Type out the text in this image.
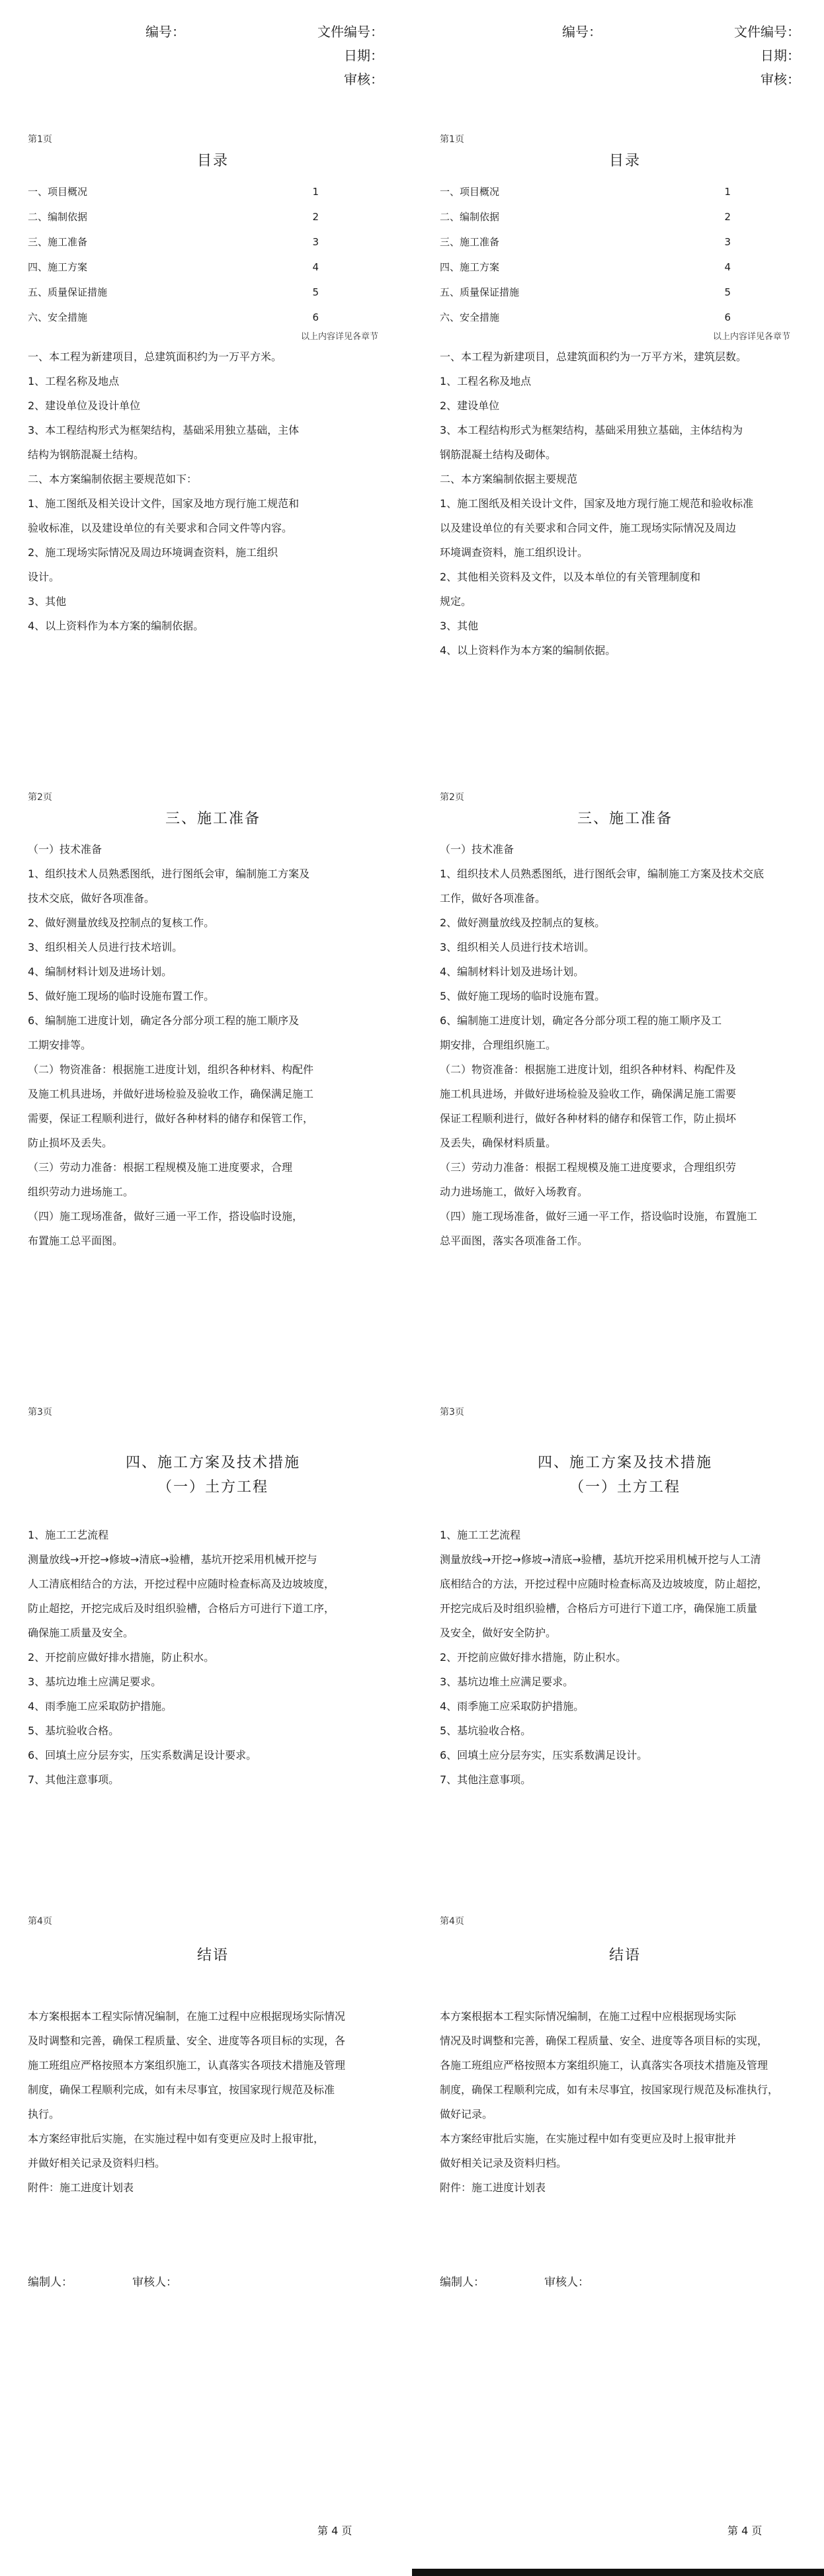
编号：	文件编号：
日期：
审核：
编号：	文件编号：
日期：
审核：
第1页
目录
一、项目概况	1
二、编制依据	2
三、施工准备	3
四、施工方案	4
五、质量保证措施	5
六、安全措施	6
以上内容详见各章节
一、本工程为新建项目，总建筑面积约为一万平方米。
1、工程名称及地点
2、建设单位及设计单位
3、本工程结构形式为框架结构，基础采用独立基础，主体
结构为钢筋混凝土结构。
二、本方案编制依据主要规范如下：
1、施工图纸及相关设计文件，国家及地方现行施工规范和
验收标准，以及建设单位的有关要求和合同文件等内容。
2、施工现场实际情况及周边环境调查资料，施工组织
设计。
3、其他
4、以上资料作为本方案的编制依据。
第1页
目录
一、项目概况	1
二、编制依据	2
三、施工准备	3
四、施工方案	4
五、质量保证措施	5
六、安全措施	6
以上内容详见各章节
一、本工程为新建项目，总建筑面积约为一万平方米，建筑层数。
1、工程名称及地点
2、建设单位
3、本工程结构形式为框架结构，基础采用独立基础，主体结构为
钢筋混凝土结构及砌体。
二、本方案编制依据主要规范
1、施工图纸及相关设计文件，国家及地方现行施工规范和验收标准
以及建设单位的有关要求和合同文件，施工现场实际情况及周边
环境调查资料，施工组织设计。
2、其他相关资料及文件，以及本单位的有关管理制度和
规定。
3、其他
4、以上资料作为本方案的编制依据。
第2页
三、施工准备
（一）技术准备
1、组织技术人员熟悉图纸，进行图纸会审，编制施工方案及
技术交底，做好各项准备。
2、做好测量放线及控制点的复核工作。
3、组织相关人员进行技术培训。
4、编制材料计划及进场计划。
5、做好施工现场的临时设施布置工作。
6、编制施工进度计划，确定各分部分项工程的施工顺序及
工期安排等。
（二）物资准备：根据施工进度计划，组织各种材料、构配件
及施工机具进场，并做好进场检验及验收工作，确保满足施工
需要，保证工程顺利进行，做好各种材料的储存和保管工作，
防止损坏及丢失。
（三）劳动力准备：根据工程规模及施工进度要求，合理
组织劳动力进场施工。
（四）施工现场准备，做好三通一平工作，搭设临时设施，
布置施工总平面图。
第2页
三、施工准备
（一）技术准备
1、组织技术人员熟悉图纸，进行图纸会审，编制施工方案及技术交底
工作，做好各项准备。
2、做好测量放线及控制点的复核。
3、组织相关人员进行技术培训。
4、编制材料计划及进场计划。
5、做好施工现场的临时设施布置。
6、编制施工进度计划，确定各分部分项工程的施工顺序及工
期安排，合理组织施工。
（二）物资准备：根据施工进度计划，组织各种材料、构配件及
施工机具进场，并做好进场检验及验收工作，确保满足施工需要
保证工程顺利进行，做好各种材料的储存和保管工作，防止损坏
及丢失，确保材料质量。
（三）劳动力准备：根据工程规模及施工进度要求，合理组织劳
动力进场施工，做好入场教育。
（四）施工现场准备，做好三通一平工作，搭设临时设施，布置施工
总平面图，落实各项准备工作。
第3页
四、施工方案及技术措施
（一）土方工程
1、施工工艺流程
测量放线→开挖→修坡→清底→验槽，基坑开挖采用机械开挖与
人工清底相结合的方法，开挖过程中应随时检查标高及边坡坡度，
防止超挖，开挖完成后及时组织验槽，合格后方可进行下道工序，
确保施工质量及安全。
2、开挖前应做好排水措施，防止积水。
3、基坑边堆土应满足要求。
4、雨季施工应采取防护措施。
5、基坑验收合格。
6、回填土应分层夯实，压实系数满足设计要求。
7、其他注意事项。
第3页
四、施工方案及技术措施
（一）土方工程
1、施工工艺流程
测量放线→开挖→修坡→清底→验槽，基坑开挖采用机械开挖与人工清
底相结合的方法，开挖过程中应随时检查标高及边坡坡度，防止超挖，
开挖完成后及时组织验槽，合格后方可进行下道工序，确保施工质量
及安全，做好安全防护。
2、开挖前应做好排水措施，防止积水。
3、基坑边堆土应满足要求。
4、雨季施工应采取防护措施。
5、基坑验收合格。
6、回填土应分层夯实，压实系数满足设计。
7、其他注意事项。
第4页
结语
本方案根据本工程实际情况编制，在施工过程中应根据现场实际情况
及时调整和完善，确保工程质量、安全、进度等各项目标的实现，各
施工班组应严格按照本方案组织施工，认真落实各项技术措施及管理
制度，确保工程顺利完成，如有未尽事宜，按国家现行规范及标准
执行。
本方案经审批后实施，在实施过程中如有变更应及时上报审批，
并做好相关记录及资料归档。
附件：施工进度计划表
编制人：	审核人：
第 4 页
第4页
结语
本方案根据本工程实际情况编制，在施工过程中应根据现场实际
情况及时调整和完善，确保工程质量、安全、进度等各项目标的实现，
各施工班组应严格按照本方案组织施工，认真落实各项技术措施及管理
制度，确保工程顺利完成，如有未尽事宜，按国家现行规范及标准执行，
做好记录。
本方案经审批后实施，在实施过程中如有变更应及时上报审批并
做好相关记录及资料归档。
附件：施工进度计划表
编制人：	审核人：
第 4 页
